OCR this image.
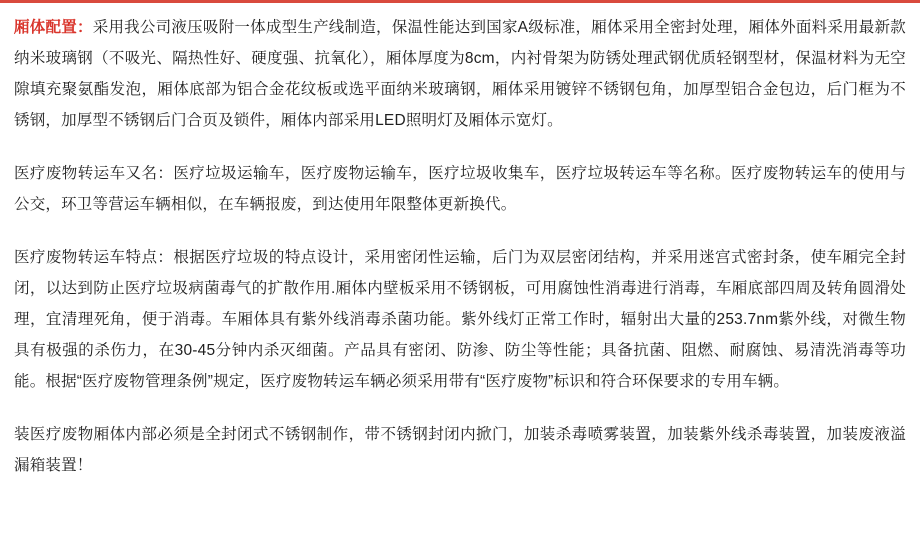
厢体配置：采用我公司液压吸附一体成型生产线制造，保温性能达到国家A级标准，厢体采用全密封处理，厢体外面料采用最新款纳米玻璃钢（不吸光、隔热性好、硬度强、抗氧化），厢体厚度为8cm，内衬骨架为防锈处理武钢优质轻钢型材，保温材料为无空隙填充聚氨酯发泡，厢体底部为铝合金花纹板或选平面纳米玻璃钢，厢体采用镀锌不锈钢包角，加厚型铝合金包边，后门框为不锈钢，加厚型不锈钢后门合页及锁件，厢体内部采用LED照明灯及厢体示宽灯。

医疗废物转运车又名：医疗垃圾运输车，医疗废物运输车，医疗垃圾收集车，医疗垃圾转运车等名称。医疗废物转运车的使用与公交，环卫等营运车辆相似，在车辆报废，到达使用年限整体更新换代。

医疗废物转运车特点：根据医疗垃圾的特点设计，采用密闭性运输，后门为双层密闭结构，并采用迷宫式密封条，使车厢完全封闭，以达到防止医疗垃圾病菌毒气的扩散作用.厢体内壁板采用不锈钢板，可用腐蚀性消毒进行消毒，车厢底部四周及转角圆滑处理，宜清理死角，便于消毒。车厢体具有紫外线消毒杀菌功能。紫外线灯正常工作时，辐射出大量的253.7nm紫外线，对微生物具有极强的杀伤力，在30-45分钟内杀灭细菌。产品具有密闭、防渗、防尘等性能；具备抗菌、阻燃、耐腐蚀、易清洗消毒等功能。根据“医疗废物管理条例”规定，医疗废物转运车辆必须采用带有“医疗废物”标识和符合环保要求的专用车辆。

装医疗废物厢体内部必须是全封闭式不锈钢制作，带不锈钢封闭内掀门，加装杀毒喷雾装置，加装紫外线杀毒装置，加装废液溢漏箱装置！
